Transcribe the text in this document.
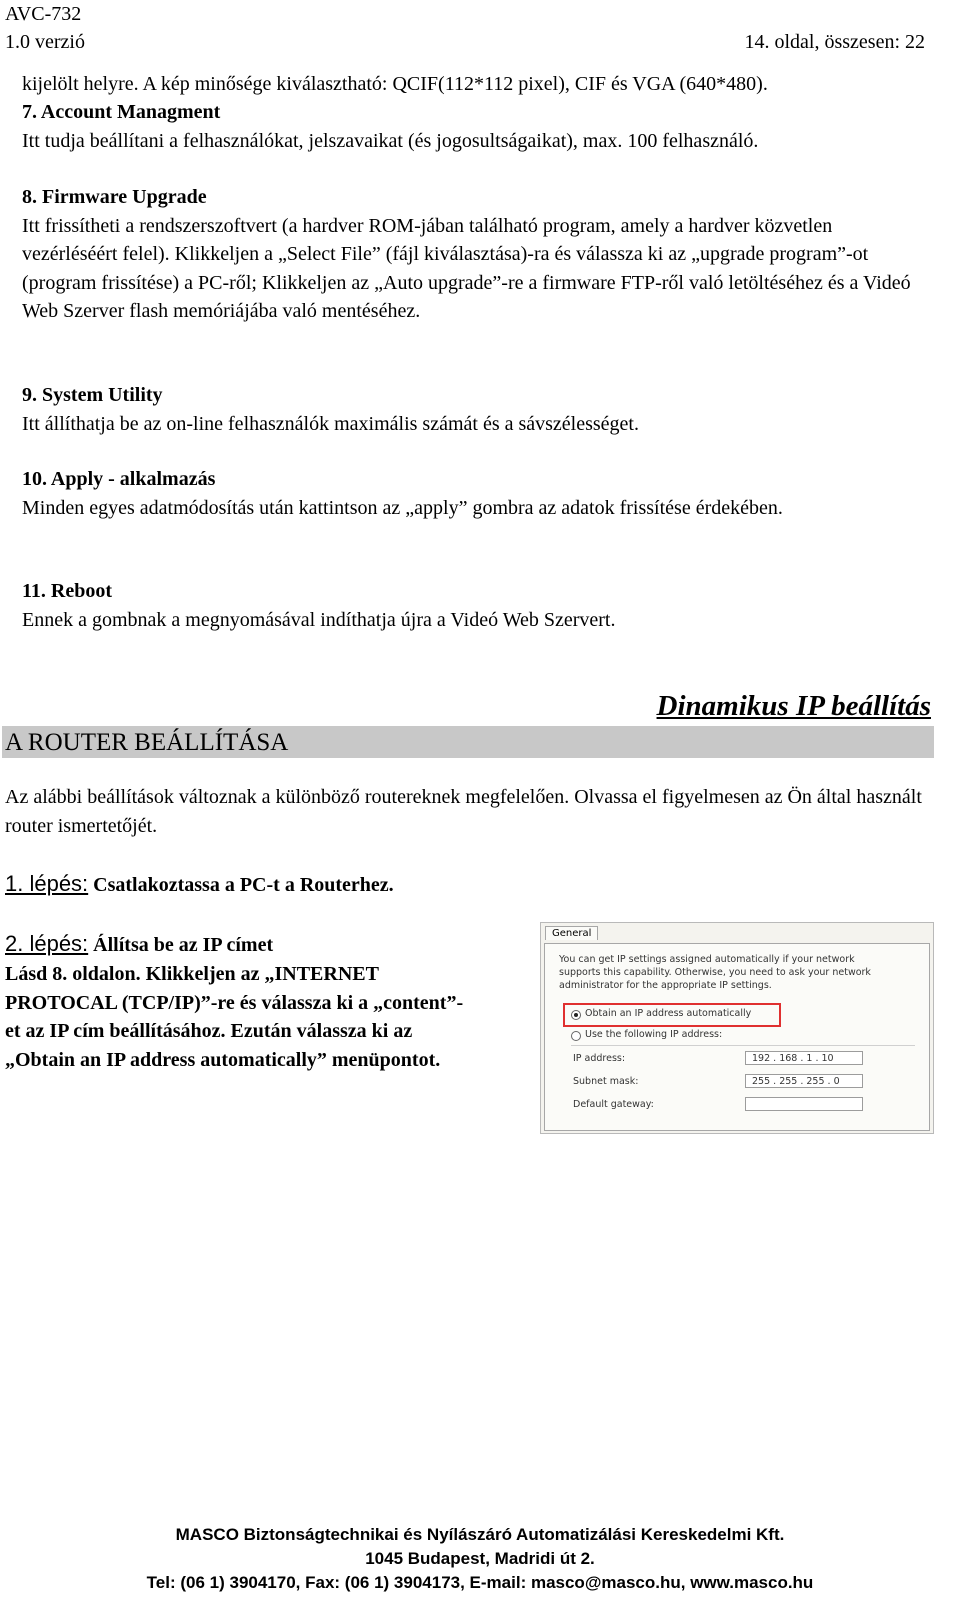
AVC-732
1.0 verzió	14. oldal, összesen: 22
kijelölt helyre. A kép minősége kiválasztható: QCIF(112*112 pixel), CIF és VGA (640*480).
7. Account Managment
Itt tudja beállítani a felhasználókat, jelszavaikat (és jogosultságaikat), max. 100 felhasználó.
8. Firmware Upgrade
Itt frissítheti a rendszerszoftvert (a hardver ROM-jában található program, amely a hardver közvetlen vezérléséért felel). Klikkeljen a „Select File” (fájl kiválasztása)-ra és válassza ki az „upgrade program”-ot (program frissítése) a PC-ről; Klikkeljen az „Auto upgrade”-re a firmware FTP-ről való letöltéséhez és a Videó Web Szerver flash memóriájába való mentéséhez.
9. System Utility
Itt állíthatja be az on-line felhasználók maximális számát és a sávszélességet.
10. Apply - alkalmazás
Minden egyes adatmódosítás után kattintson az „apply” gombra az adatok frissítése érdekében.
11. Reboot
Ennek a gombnak a megnyomásával indíthatja újra a Videó Web Szervert.
Dinamikus IP beállítás
A ROUTER BEÁLLÍTÁSA
Az alábbi beállítások változnak a különböző routereknek megfelelően. Olvassa el figyelmesen az Ön által használt router ismertetőjét.
1. lépés: Csatlakoztassa a PC-t a Routerhez.
2. lépés: Állítsa be az IP címet
Lásd 8. oldalon. Klikkeljen az „INTERNET PROTOCAL (TCP/IP)”-re és válassza ki a „content”-et az IP cím beállításához. Ezután válassza ki az „Obtain an IP address automatically” menüpontot.
General
You can get IP settings assigned automatically if your network supports this capability. Otherwise, you need to ask your network administrator for the appropriate IP settings.
Obtain an IP address automatically
Use the following IP address:
IP address:	192 . 168 . 1 . 10
Subnet mask:	255 . 255 . 255 . 0
Default gateway:
MASCO Biztonságtechnikai és Nyílászáró Automatizálási Kereskedelmi Kft.
1045 Budapest, Madridi út 2.
Tel: (06 1) 3904170, Fax: (06 1) 3904173, E-mail: masco@masco.hu, www.masco.hu
